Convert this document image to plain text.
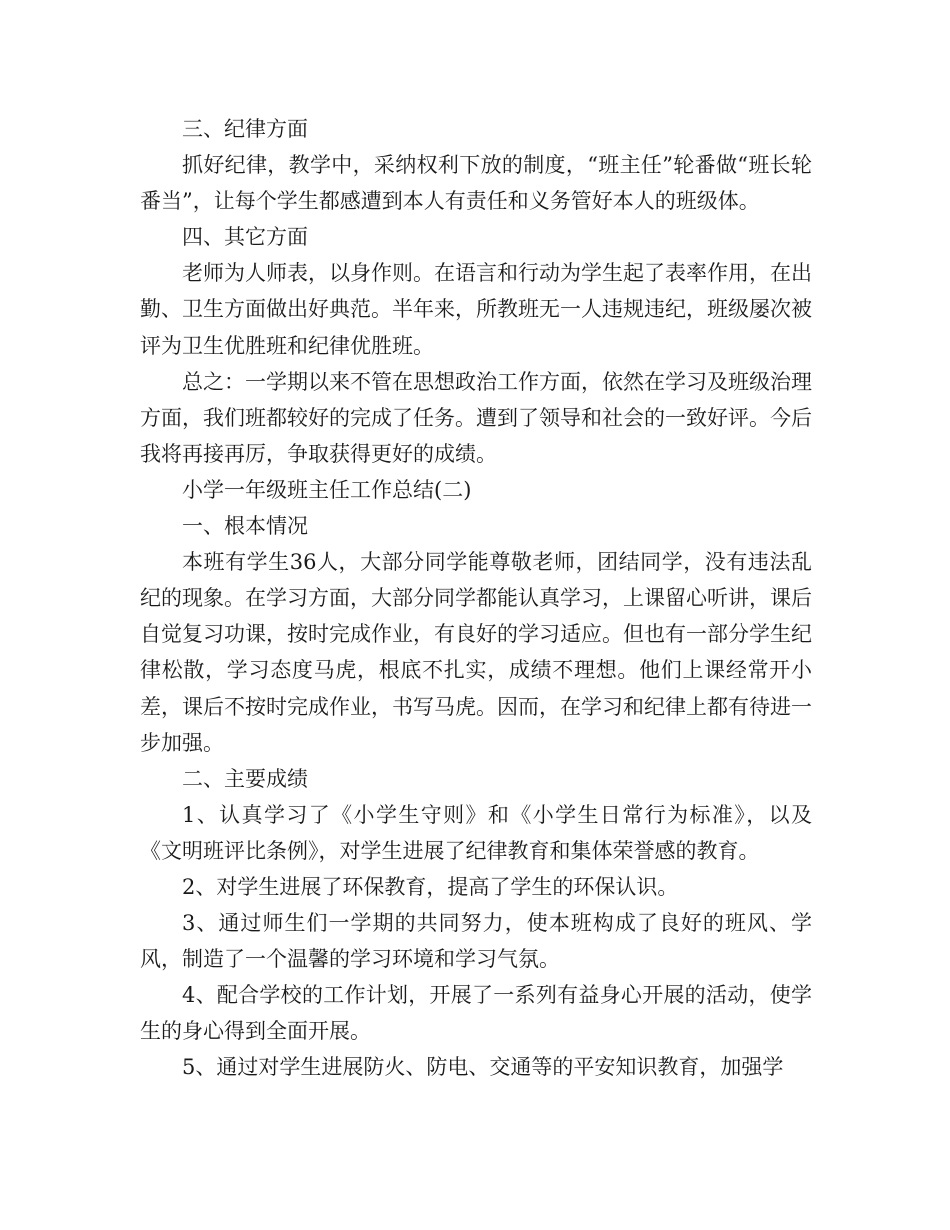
三、纪律方面

抓好纪律，教学中，采纳权利下放的制度，“班主任”轮番做“班长轮番当”，让每个学生都感遭到本人有责任和义务管好本人的班级体。

四、其它方面

老师为人师表，以身作则。在语言和行动为学生起了表率作用，在出勤、卫生方面做出好典范。半年来，所教班无一人违规违纪，班级屡次被评为卫生优胜班和纪律优胜班。

总之：一学期以来不管在思想政治工作方面，依然在学习及班级治理方面，我们班都较好的完成了任务。遭到了领导和社会的一致好评。今后我将再接再厉，争取获得更好的成绩。

小学一年级班主任工作总结(二)

一、根本情况

本班有学生36人，大部分同学能尊敬老师，团结同学，没有违法乱纪的现象。在学习方面，大部分同学都能认真学习，上课留心听讲，课后自觉复习功课，按时完成作业，有良好的学习适应。但也有一部分学生纪律松散，学习态度马虎，根底不扎实，成绩不理想。他们上课经常开小差，课后不按时完成作业，书写马虎。因而，在学习和纪律上都有待进一步加强。

二、主要成绩

1、认真学习了《小学生守则》和《小学生日常行为标准》，以及《文明班评比条例》，对学生进展了纪律教育和集体荣誉感的教育。

2、对学生进展了环保教育，提高了学生的环保认识。

3、通过师生们一学期的共同努力，使本班构成了良好的班风、学风，制造了一个温馨的学习环境和学习气氛。

4、配合学校的工作计划，开展了一系列有益身心开展的活动，使学生的身心得到全面开展。

5、通过对学生进展防火、防电、交通等的平安知识教育，加强学
